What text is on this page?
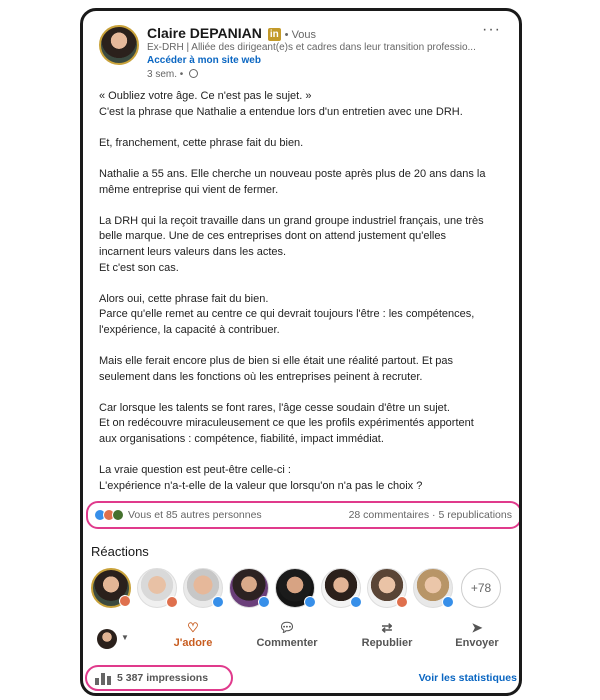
Claire DEPANIAN in • Vous	···
Ex-DRH | Alliée des dirigeant(e)s et cadres dans leur transition professio...
Accéder à mon site web
3 sem. •

« Oubliez votre âge. Ce n'est pas le sujet. »

C'est la phrase que Nathalie a entendue lors d'un entretien avec une DRH.

Et, franchement, cette phrase fait du bien.

Nathalie a 55 ans. Elle cherche un nouveau poste après plus de 20 ans dans la

même entreprise qui vient de fermer.

La DRH qui la reçoit travaille dans un grand groupe industriel français, une très

belle marque. Une de ces entreprises dont on attend justement qu'elles

incarnent leurs valeurs dans les actes.

Et c'est son cas.

Alors oui, cette phrase fait du bien.

Parce qu'elle remet au centre ce qui devrait toujours l'être : les compétences,

l'expérience, la capacité à contribuer.

Mais elle ferait encore plus de bien si elle était une réalité partout. Et pas

seulement dans les fonctions où les entreprises peinent à recruter.

Car lorsque les talents se font rares, l'âge cesse soudain d'être un sujet.

Et on redécouvre miraculeusement ce que les profils expérimentés apportent

aux organisations : compétence, fiabilité, impact immédiat.

La vraie question est peut-être celle-ci :

L'expérience n'a-t-elle de la valeur que lorsqu'on n'a pas le choix ?

Vous et 85 autres personnes	28 commentaires · 5 republications
Réactions
+78
▼
♡
J'adore
💬︎
Commenter
⇄
Republier
➤
Envoyer
5 387 impressions	Voir les statistiques
